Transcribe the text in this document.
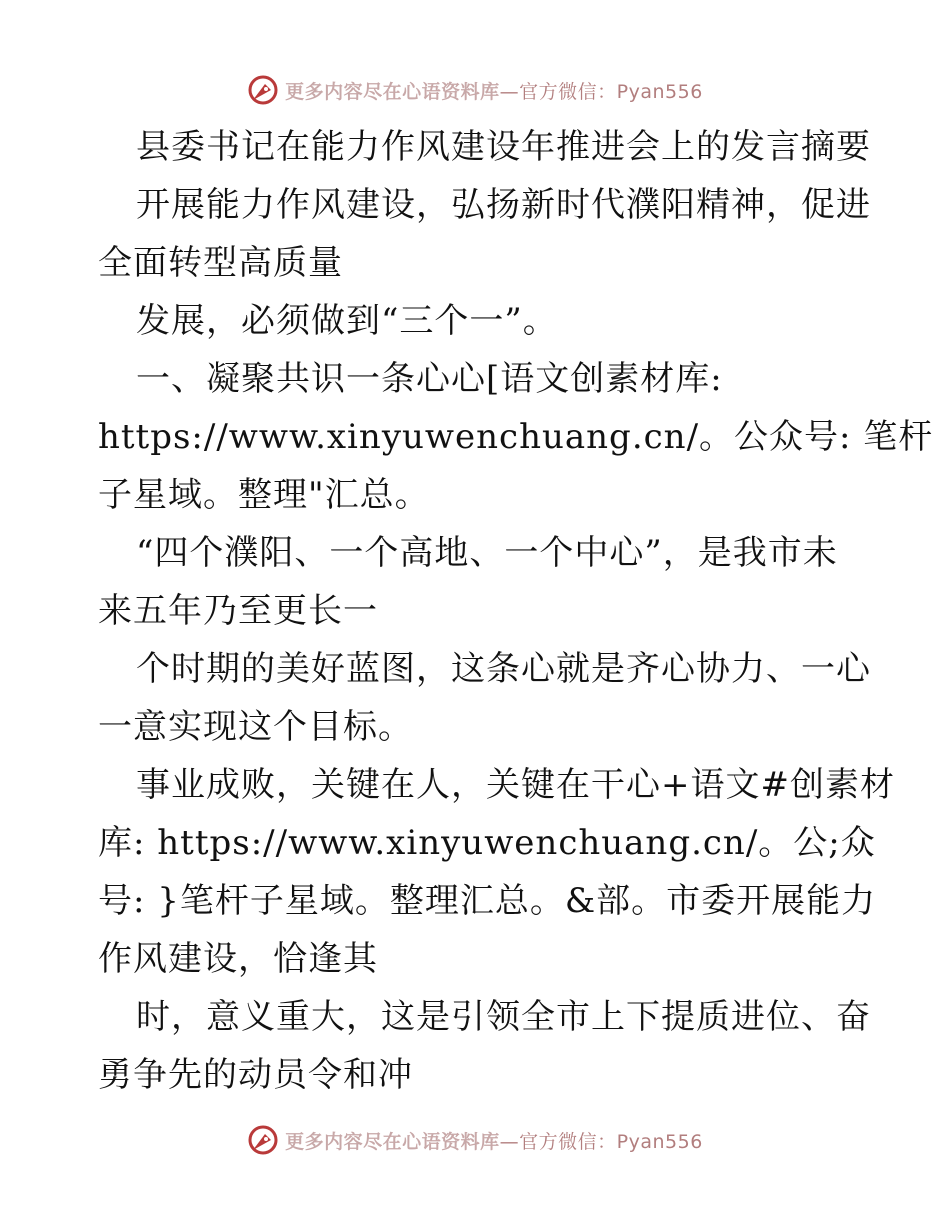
更多内容尽在心语资料库—官方微信：Pyan556
县委书记在能力作风建设年推进会上的发言摘要
开展能力作风建设，弘扬新时代濮阳精神，促进
全面转型高质量
发展，必须做到“三个一”。
一、凝聚共识一条心心[语文创素材库:
https://www.xinyuwenchuang.cn/。公众号: 笔杆
子星域。整理"汇总。
“四个濮阳、一个高地、一个中心”，是我市未
来五年乃至更长一
个时期的美好蓝图，这条心就是齐心协力、一心
一意实现这个目标。
事业成败，关键在人，关键在干心+语文#创素材
库: https://www.xinyuwenchuang.cn/。公;众
号: }笔杆子星域。整理汇总。&部。市委开展能力
作风建设，恰逢其
时，意义重大，这是引领全市上下提质进位、奋
勇争先的动员令和冲
更多内容尽在心语资料库—官方微信：Pyan556
